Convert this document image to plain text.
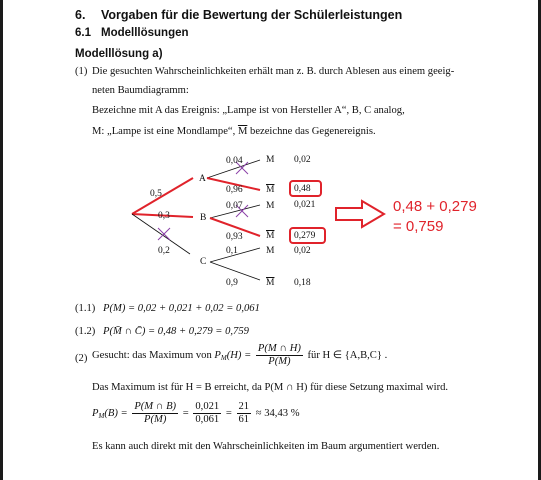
6. Vorgaben für die Bewertung der Schülerleistungen
6.1 Modelllösungen
Modelllösung a)
(1) Die gesuchten Wahrscheinlichkeiten erhält man z. B. durch Ablesen aus einem geeig-
neten Baumdiagramm:
Bezeichne mit A das Ereignis: „Lampe ist von Hersteller A“, B, C analog,
M: „Lampe ist eine Mondlampe“, $\overline{M}$ bezeichne das Gegenereignis.
0,5
0,3
0,2
A
B
C
0,04
0,96
0,07
0,93
0,1
0,9
M
$\overline{M}$
M
$\overline{M}$
M
$\overline{M}$
0,02
0,48
0,021
0,279
0,02
0,18
0,48 + 0,279
= 0,759
(1.1) P(M) = 0,02 + 0,021 + 0,02 = 0,061
(1.2) P(M̄ ∩ C̄) = 0,48 + 0,279 = 0,759
(2) Gesucht: das Maximum von $P_M(H) = \frac{P(M \cap H)}{P(M)}$ für H ∈ {A,B,C} .
Das Maximum ist für H = B erreicht, da P(M ∩ H) für diese Setzung maximal wird.
$P_M(B) = \frac{P(M \cap B)}{P(M)} = \frac{0,021}{0,061} = \frac{21}{61} \approx 34,43$ %
Es kann auch direkt mit den Wahrscheinlichkeiten im Baum argumentiert werden.
